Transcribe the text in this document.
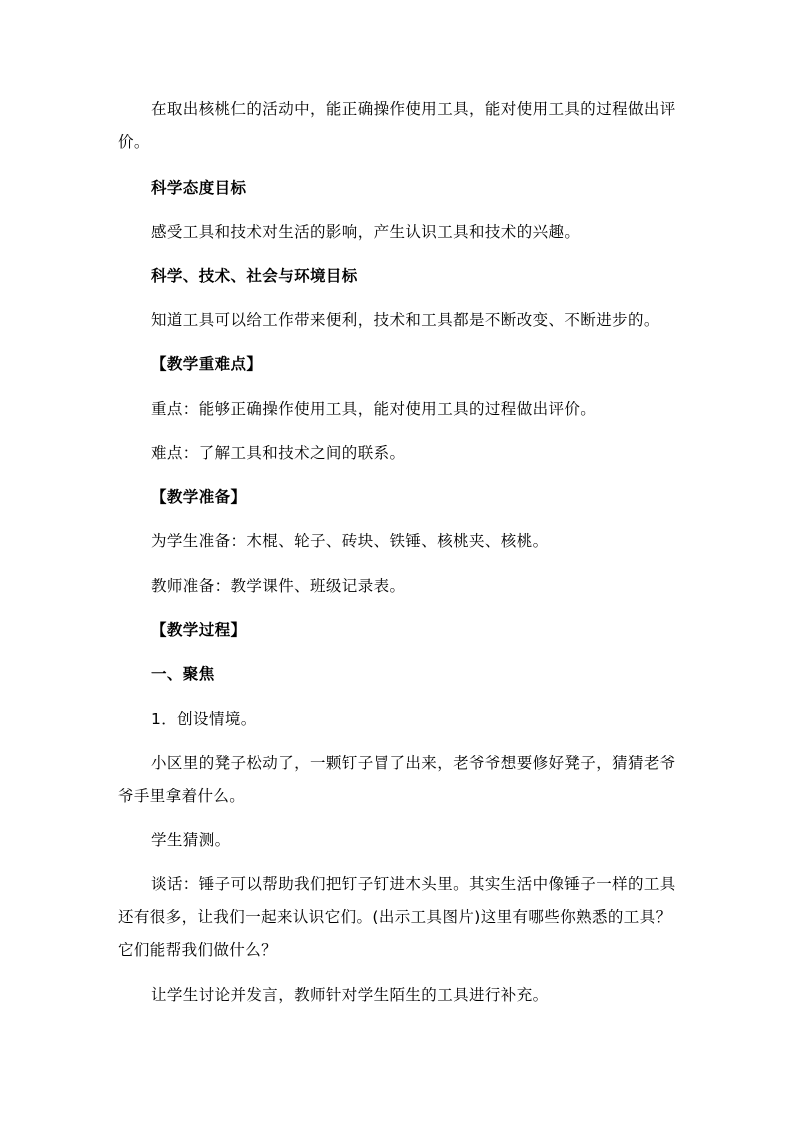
在取出核桃仁的活动中，能正确操作使用工具，能对使用工具的过程做出评
价。
科学态度目标
感受工具和技术对生活的影响，产生认识工具和技术的兴趣。
科学、技术、社会与环境目标
知道工具可以给工作带来便利，技术和工具都是不断改变、不断进步的。
【教学重难点】
重点：能够正确操作使用工具，能对使用工具的过程做出评价。
难点：了解工具和技术之间的联系。
【教学准备】
为学生准备：木棍、轮子、砖块、铁锤、核桃夹、核桃。
教师准备：教学课件、班级记录表。
【教学过程】
一、聚焦
1．创设情境。
小区里的凳子松动了，一颗钉子冒了出来，老爷爷想要修好凳子，猜猜老爷
爷手里拿着什么。
学生猜测。
谈话：锤子可以帮助我们把钉子钉进木头里。其实生活中像锤子一样的工具
还有很多，让我们一起来认识它们。(出示工具图片)这里有哪些你熟悉的工具？
它们能帮我们做什么？
让学生讨论并发言，教师针对学生陌生的工具进行补充。
